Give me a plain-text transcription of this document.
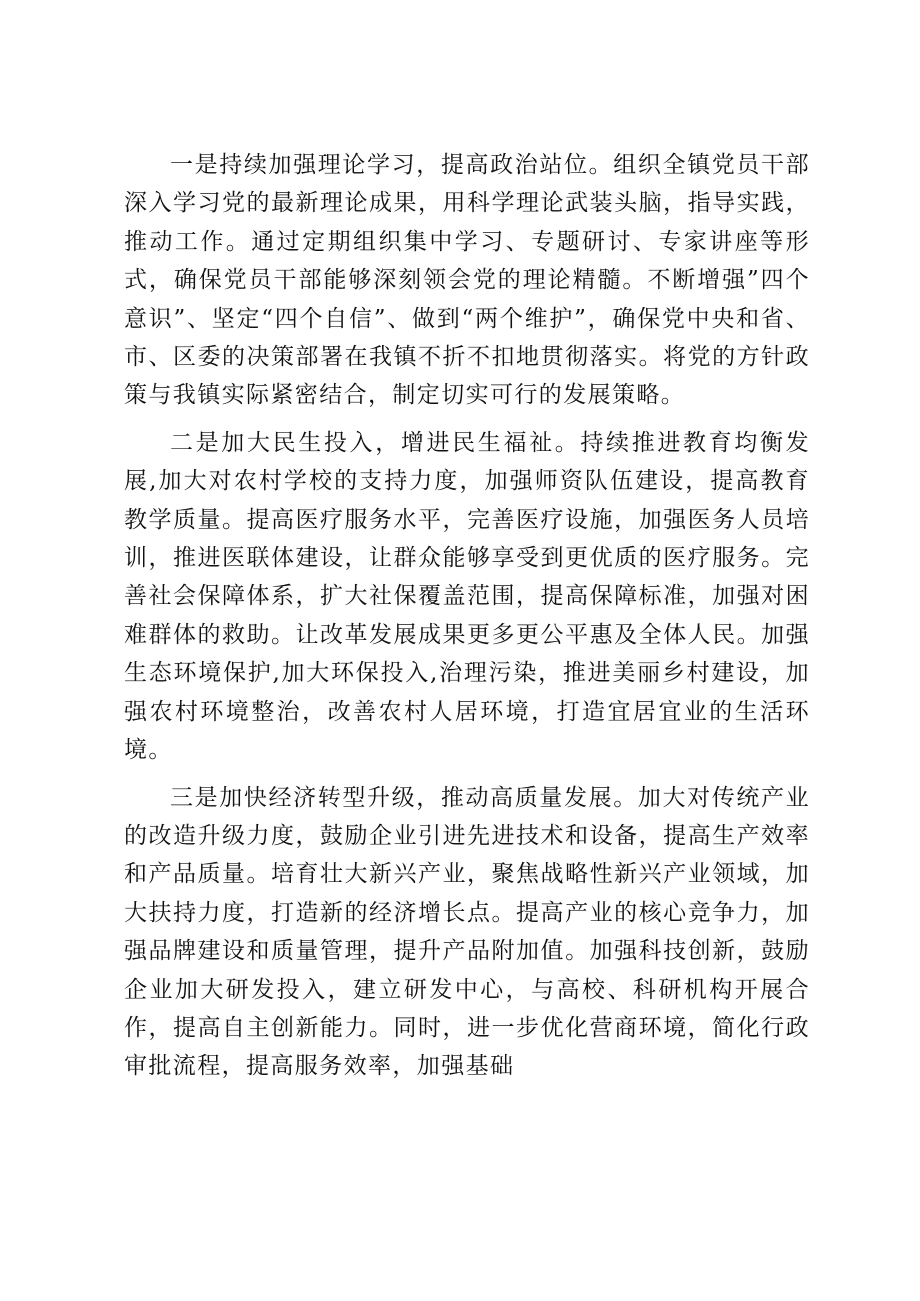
一是持续加强理论学习，提高政治站位。组织全镇党员干部深入学习党的最新理论成果，用科学理论武装头脑，指导实践，推动工作。通过定期组织集中学习、专题研讨、专家讲座等形式，确保党员干部能够深刻领会党的理论精髓。不断增强”四个意识”、坚定“四个自信”、做到“两个维护”，确保党中央和省、市、区委的决策部署在我镇不折不扣地贯彻落实。将党的方针政策与我镇实际紧密结合，制定切实可行的发展策略。

二是加大民生投入，增进民生福祉。持续推进教育均衡发展,加大对农村学校的支持力度，加强师资队伍建设，提高教育教学质量。提高医疗服务水平，完善医疗设施，加强医务人员培训，推进医联体建设，让群众能够享受到更优质的医疗服务。完善社会保障体系，扩大社保覆盖范围，提高保障标准，加强对困难群体的救助。让改革发展成果更多更公平惠及全体人民。加强生态环境保护,加大环保投入,治理污染，推进美丽乡村建设，加强农村环境整治，改善农村人居环境，打造宜居宜业的生活环境。

三是加快经济转型升级，推动高质量发展。加大对传统产业的改造升级力度，鼓励企业引进先进技术和设备，提高生产效率和产品质量。培育壮大新兴产业，聚焦战略性新兴产业领域，加大扶持力度，打造新的经济增长点。提高产业的核心竞争力，加强品牌建设和质量管理，提升产品附加值。加强科技创新，鼓励企业加大研发投入，建立研发中心，与高校、科研机构开展合作，提高自主创新能力。同时，进一步优化营商环境，简化行政审批流程，提高服务效率，加强基础
